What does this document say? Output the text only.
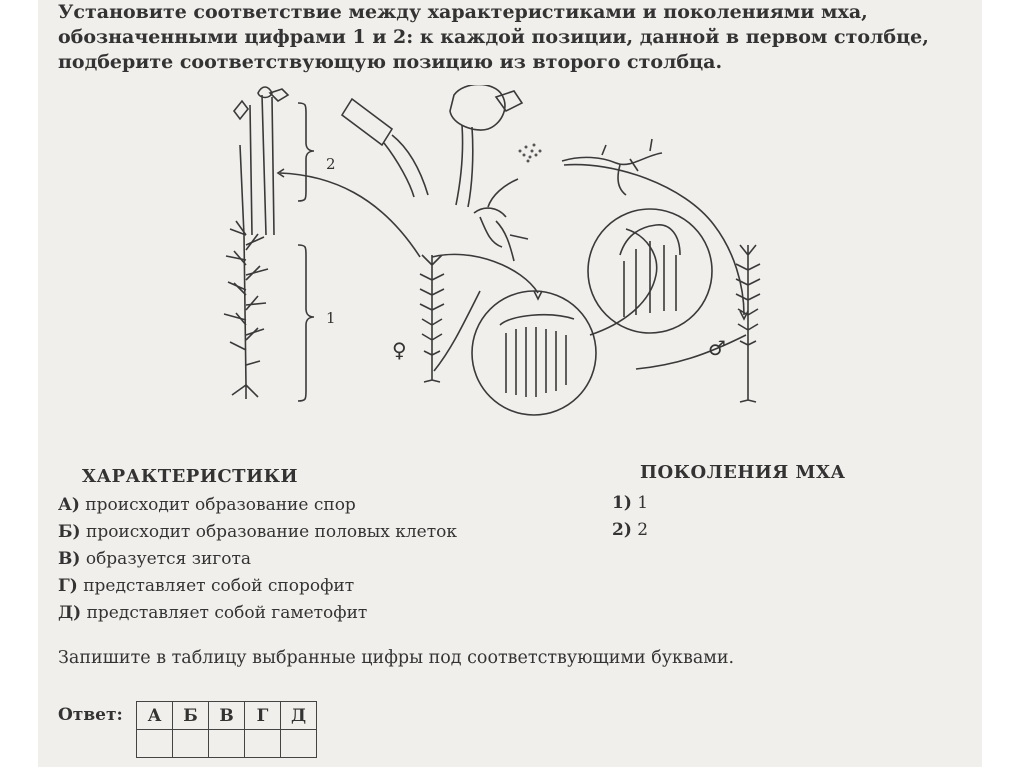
Установите соответствие между характеристиками и поколениями мха,
обозначенными цифрами 1 и 2: к каждой позиции, данной в первом столбце,
подберите соответствующую позицию из второго столбца.
2
1
♀	♂
ХАРАКТЕРИСТИКИ	ПОКОЛЕНИЯ МХА
А) происходит образование спор
Б) происходит образование половых клеток
В) образуется зигота
Г) представляет собой спорофит
Д) представляет собой гаметофит
1) 1
2) 2
Запишите в таблицу выбранные цифры под соответствующими буквами.
Ответ: А	Б	В	Г	Д
